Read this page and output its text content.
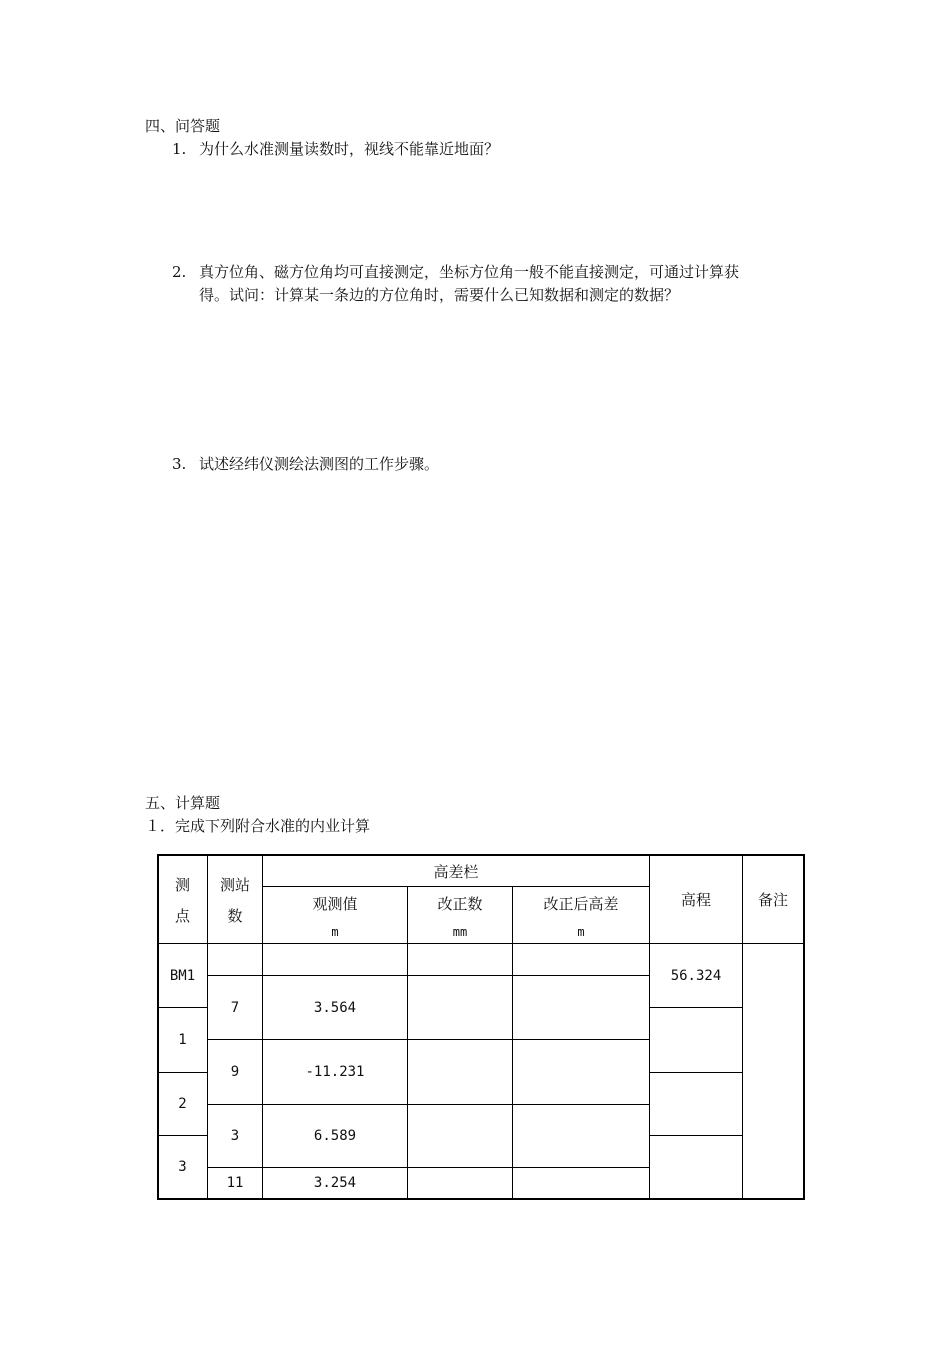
四、问答题
1. 为什么水准测量读数时，视线不能靠近地面？
2. 真方位角、磁方位角均可直接测定，坐标方位角一般不能直接测定，可通过计算获
得。试问：计算某一条边的方位角时，需要什么已知数据和测定的数据？
3. 试述经纬仪测绘法测图的工作步骤。
五、计算题
１．完成下列附合水准的内业计算
测
点
测站
数
高差栏
观测值
m
改正数
mm
改正后高差
m
高程	备注
BM1
1
2
3
7
9
3
11
3.564
-11.231
6.589
3.254
56.324
